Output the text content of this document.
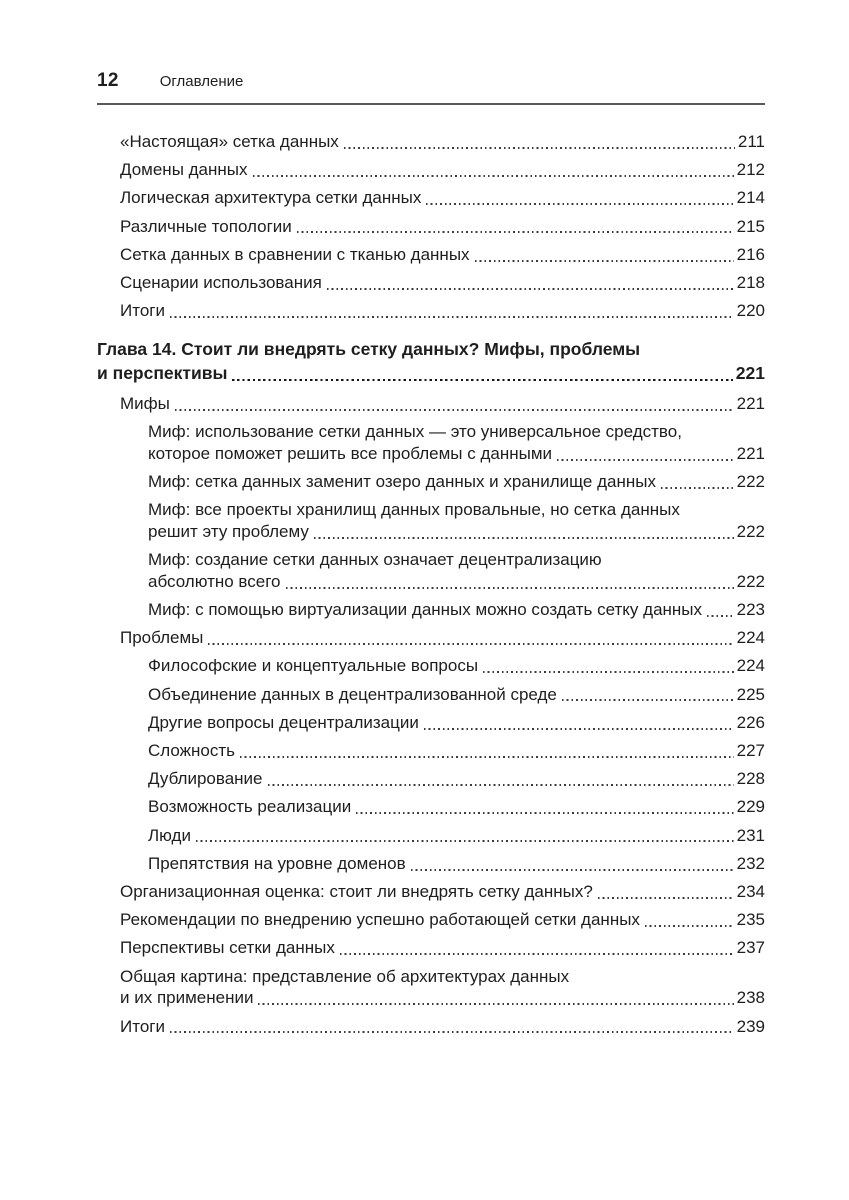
12	Оглавление
«Настоящая» сетка данных	211
Домены данных	212
Логическая архитектура сетки данных	214
Различные топологии	215
Сетка данных в сравнении с тканью данных	216
Сценарии использования	218
Итоги	220
Глава 14. Стоит ли внедрять сетку данных? Мифы, проблемы
и перспективы	221
Мифы	221
Миф: использование сетки данных — это универсальное средство,
которое поможет решить все проблемы с данными	221
Миф: сетка данных заменит озеро данных и хранилище данных	222
Миф: все проекты хранилищ данных провальные, но сетка данных
решит эту проблему	222
Миф: создание сетки данных означает децентрализацию
абсолютно всего	222
Миф: с помощью виртуализации данных можно создать сетку данных 223
Проблемы	224
Философские и концептуальные вопросы	224
Объединение данных в децентрализованной среде	225
Другие вопросы децентрализации	226
Сложность	227
Дублирование	228
Возможность реализации	229
Люди	231
Препятствия на уровне доменов	232
Организационная оценка: стоит ли внедрять сетку данных?	234
Рекомендации по внедрению успешно работающей сетки данных	235
Перспективы сетки данных	237
Общая картина: представление об архитектурах данных
и их применении	238
Итоги	239
